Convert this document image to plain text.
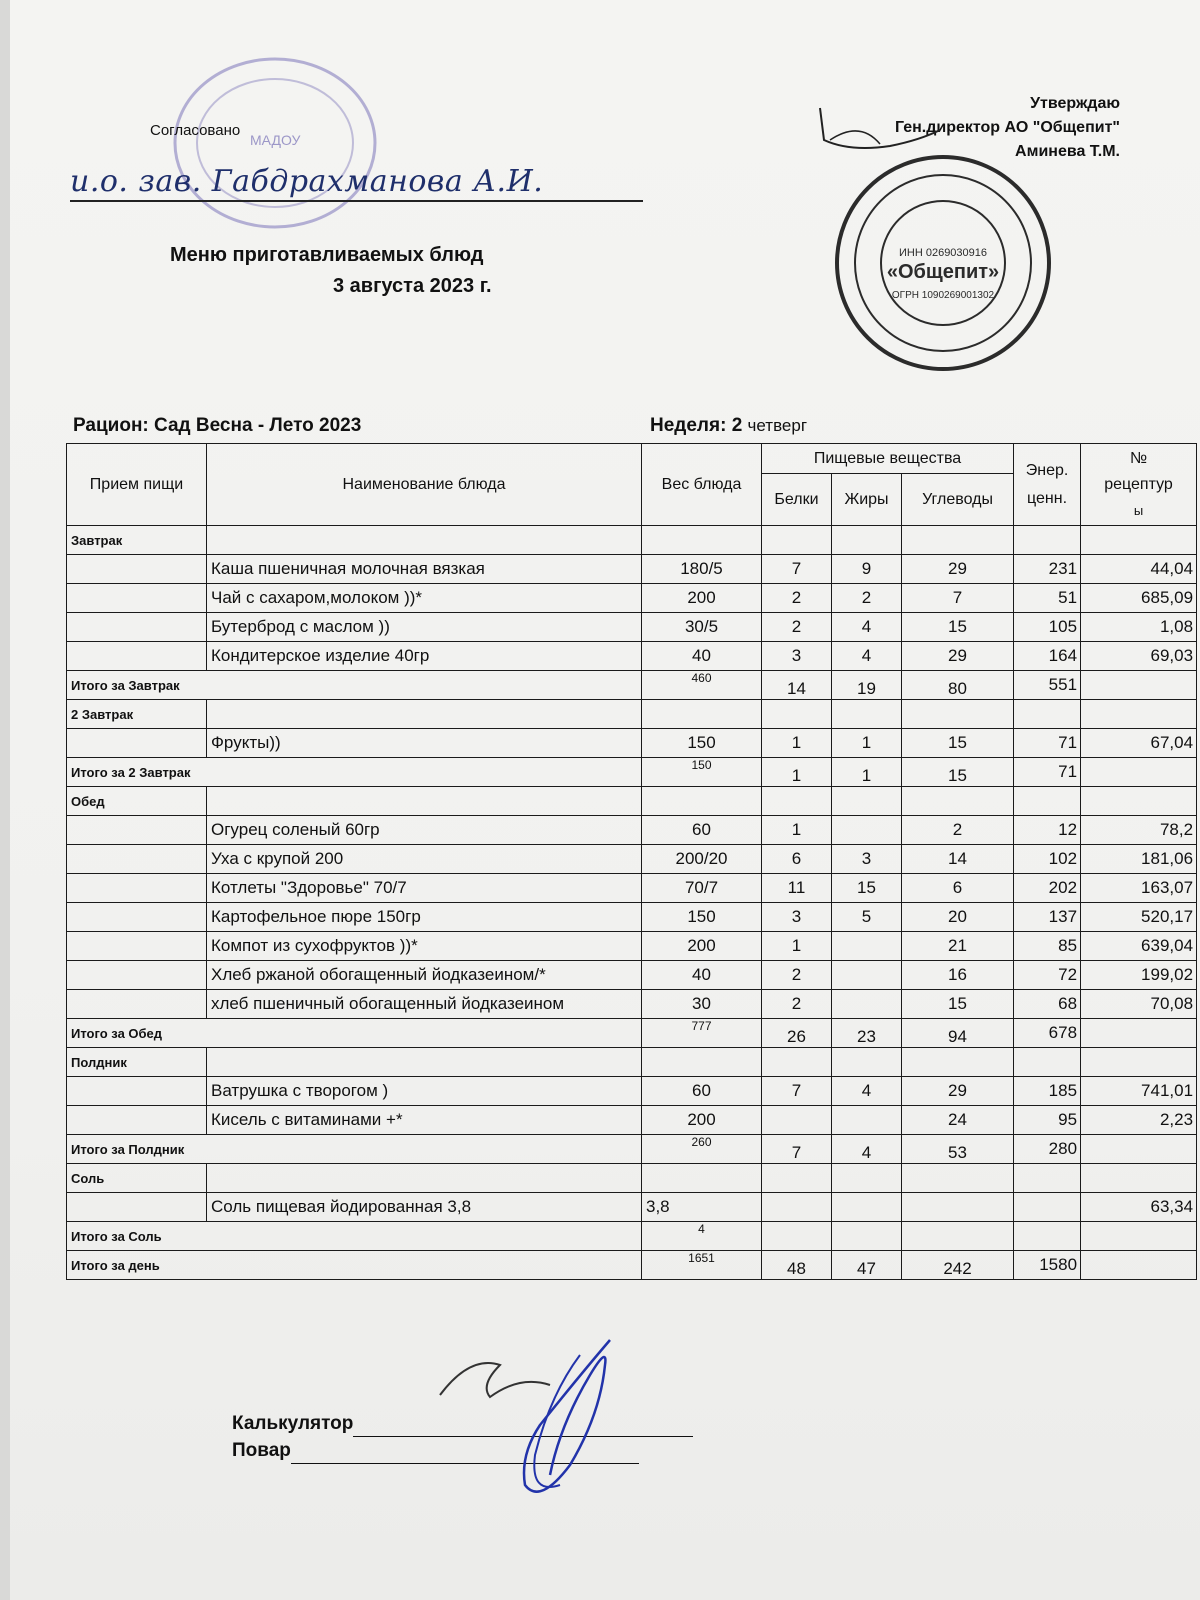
МАДОУ
Согласовано
и.о. зав. Габдрахманова А.И.
Утверждаю
Ген.директор АО "Общепит"
Аминева Т.М.
ИНН 0269030916
«Общепит»
ОГРН 1090269001302
Меню приготавливаемых блюд
3 августа 2023 г.
Рацион: Сад Весна - Лето 2023	Неделя: 2 четверг
Прием пищи	Наименование блюда	Вес блюда	Пищевые вещества			Энер.
ценн.	№
рецептур
ы
			Белки	Жиры	Углеводы		
Завтрак							
	Каша пшеничная молочная вязкая	180/5	7	9	29	231	44,04
	Чай с сахаром,молоком ))*	200	2	2	7	51	685,09
	Бутерброд с маслом ))	30/5	2	4	15	105	1,08
	Кондитерское изделие 40гр	40	3	4	29	164	69,03
Итого за Завтрак		460	14	19	80	551	
2 Завтрак							
	Фрукты))	150	1	1	15	71	67,04
Итого за 2 Завтрак		150	1	1	15	71	
Обед							
	Огурец соленый 60гр	60	1		2	12	78,2
	Уха с крупой 200	200/20	6	3	14	102	181,06
	Котлеты "Здоровье" 70/7	70/7	11	15	6	202	163,07
	Картофельное пюре 150гр	150	3	5	20	137	520,17
	Компот из сухофруктов ))*	200	1		21	85	639,04
	Хлеб ржаной обогащенный йодказеином/*	40	2		16	72	199,02
	хлеб пшеничный обогащенный йодказеином	30	2		15	68	70,08
Итого за Обед		777	26	23	94	678	
Полдник							
	Ватрушка с творогом )	60	7	4	29	185	741,01
	Кисель с витаминами +*	200			24	95	2,23
Итого за Полдник		260	7	4	53	280	
Соль							
	Соль пищевая йодированная 3,8	3,8					63,34
Итого за Соль		4					
Итого за день		1651	48	47	242	1580	
Калькулятор
Повар
